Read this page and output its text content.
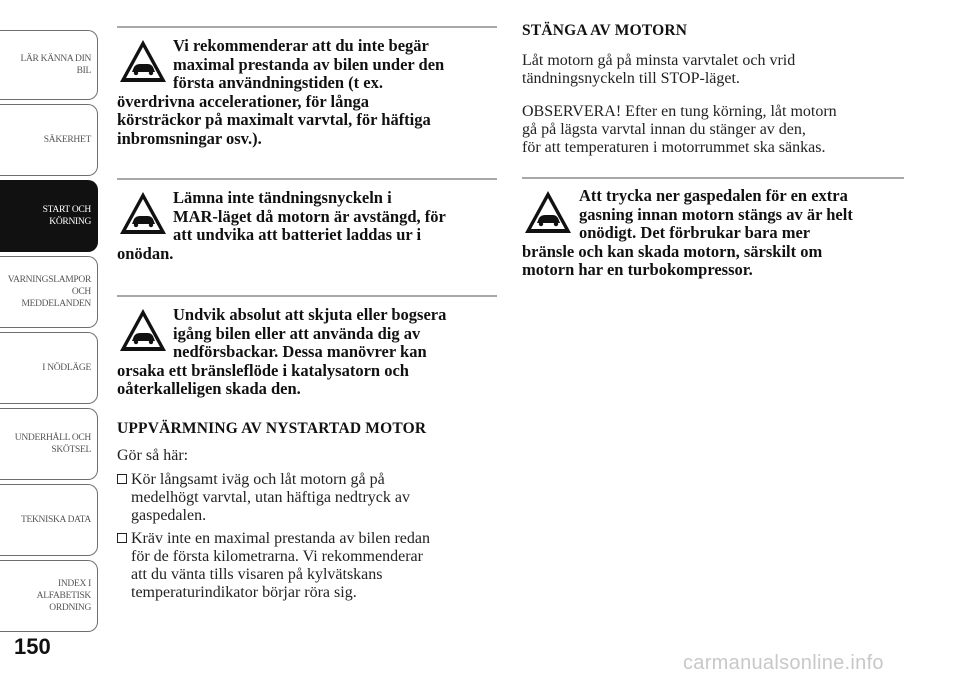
LÄR KÄNNA DIN
BIL
SÄKERHET
START OCH
KÖRNING
VARNINGSLAMPOR
OCH
MEDDELANDEN
I NÖDLÄGE
UNDERHÅLL OCH
SKÖTSEL
TEKNISKA DATA
INDEX I
ALFABETISK
ORDNING
150

Vi rekommenderar att du inte begär
maximal prestanda av bilen under den
första användningstiden (t ex.
överdrivna accelerationer, för långa
körsträckor på maximalt varvtal, för häftiga
inbromsningar osv.).

Lämna inte tändningsnyckeln i
MAR-läget då motorn är avstängd, för
att undvika att batteriet laddas ur i
onödan.

Undvik absolut att skjuta eller bogsera
igång bilen eller att använda dig av
nedförsbackar. Dessa manövrer kan
orsaka ett bränsleflöde i katalysatorn och
oåterkalleligen skada den.

UPPVÄRMNING AV NYSTARTAD MOTOR

Gör så här:

Kör långsamt iväg och låt motorn gå på
medelhögt varvtal, utan häftiga nedtryck av
gaspedalen.
Kräv inte en maximal prestanda av bilen redan
för de första kilometrarna. Vi rekommenderar
att du vänta tills visaren på kylvätskans
temperaturindikator börjar röra sig.
STÄNGA AV MOTORN

Låt motorn gå på minsta varvtalet och vrid
tändningsnyckeln till STOP-läget.

OBSERVERA! Efter en tung körning, låt motorn
gå på lägsta varvtal innan du stänger av den,
för att temperaturen i motorrummet ska sänkas.

Att trycka ner gaspedalen för en extra
gasning innan motorn stängs av är helt
onödigt. Det förbrukar bara mer
bränsle och kan skada motorn, särskilt om
motorn har en turbokompressor.

carmanualsonline.info
